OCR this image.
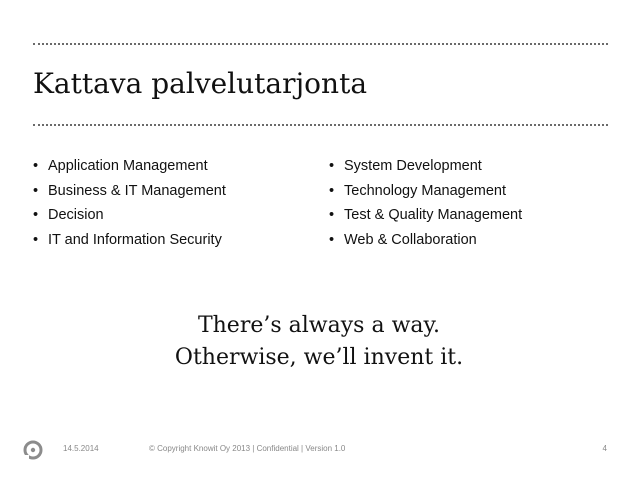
Kattava palvelutarjonta
• Application Management
• Business & IT Management
• Decision
• IT and Information Security
• System Development
• Technology Management
• Test & Quality Management
• Web & Collaboration
There’s always a way.
Otherwise, we’ll invent it.
14.5.2014	© Copyright Knowit Oy 2013 | Confidential | Version 1.0	4
